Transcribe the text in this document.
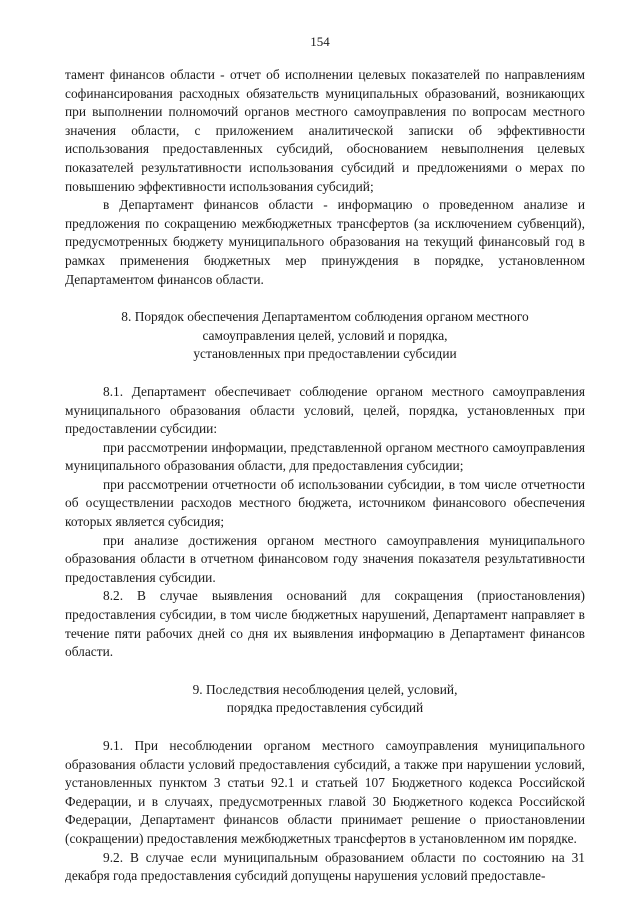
154

тамент финансов области - отчет об исполнении целевых показателей по направлениям софинансирования расходных обязательств муниципальных образований, возникающих при выполнении полномочий органов местного самоуправления по вопросам местного значения области, с приложением аналитической записки об эффективности использования предоставленных субсидий, обоснованием невыполнения целевых показателей результативности использования субсидий и предложениями о мерах по повышению эффективности использования субсидий;

в Департамент финансов области - информацию о проведенном анализе и предложения по сокращению межбюджетных трансфертов (за исключением субвенций), предусмотренных бюджету муниципального образования на текущий финансовый год в рамках применения бюджетных мер принуждения в порядке, установленном Департаментом финансов области.

8. Порядок обеспечения Департаментом соблюдения органом местного
самоуправления целей, условий и порядка,
установленных при предоставлении субсидии

8.1. Департамент обеспечивает соблюдение органом местного самоуправления муниципального образования области условий, целей, порядка, установленных при предоставлении субсидии:

при рассмотрении информации, представленной органом местного самоуправления муниципального образования области, для предоставления субсидии;

при рассмотрении отчетности об использовании субсидии, в том числе отчетности об осуществлении расходов местного бюджета, источником финансового обеспечения которых является субсидия;

при анализе достижения органом местного самоуправления муниципального образования области в отчетном финансовом году значения показателя результативности предоставления субсидии.

8.2. В случае выявления оснований для сокращения (приостановления) предоставления субсидии, в том числе бюджетных нарушений, Департамент направляет в течение пяти рабочих дней со дня их выявления информацию в Департамент финансов области.

9. Последствия несоблюдения целей, условий,
порядка предоставления субсидий

9.1. При несоблюдении органом местного самоуправления муниципального образования области условий предоставления субсидий, а также при нарушении условий, установленных пунктом 3 статьи 92.1 и статьей 107 Бюджетного кодекса Российской Федерации, и в случаях, предусмотренных главой 30 Бюджетного кодекса Российской Федерации, Департамент финансов области принимает решение о приостановлении (сокращении) предоставления межбюджетных трансфертов в установленном им порядке.

9.2. В случае если муниципальным образованием области по состоянию на 31 декабря года предоставления субсидий допущены нарушения условий предоставле-
